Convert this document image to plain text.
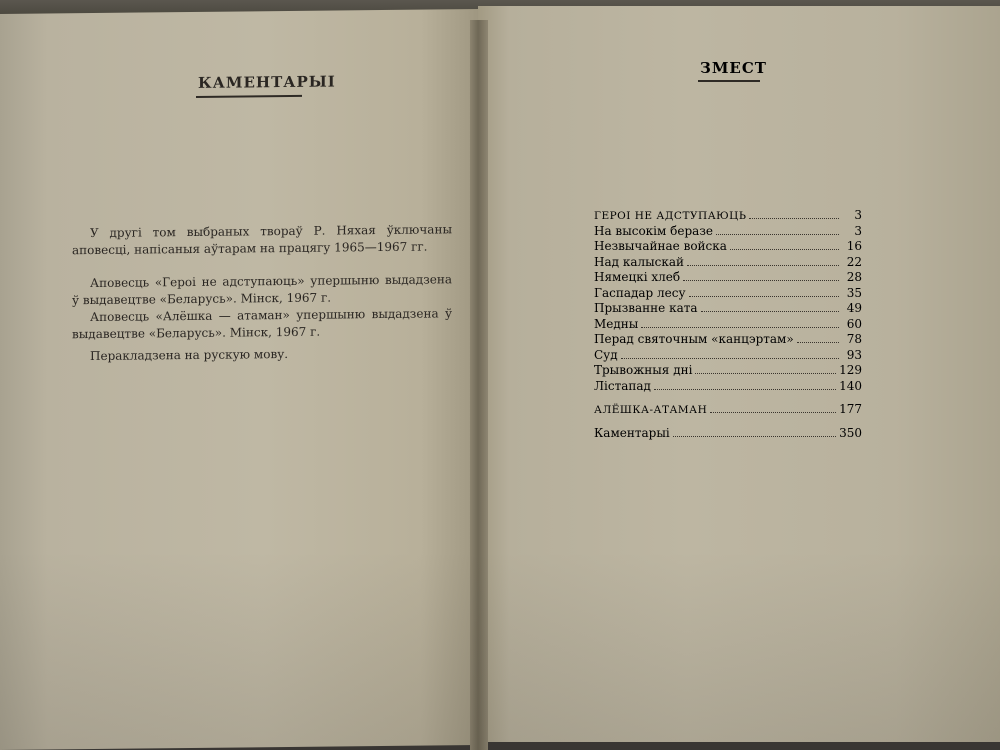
КАМЕНТАРЫІ
У другі том выбраных твораў Р. Няхая ўключаны аповесці, напісаныя аўтарам на працягу 1965—1967 гг.
Аповесць «Героі не адступаюць» упершыню выдадзена ў выдавецтве «Беларусь». Мінск, 1967 г.
Аповесць «Алёшка — атаман» упершыню выдадзена ў выдавецтве «Беларусь». Мінск, 1967 г.
Перакладзена на рускую мову.
ЗМЕСТ
ГЕРОІ НЕ АДСТУПАЮЦЬ	3
На высокім беразе	3
Незвычайнае войска	16
Над калыскай	22
Нямецкі хлеб	28
Гаспадар лесу	35
Прызванне ката	49
Медны	60
Перад святочным «канцэртам»	78
Суд	93
Трывожныя дні	129
Лістапад	140
АЛЁШКА-АТАМАН	177
Каментарыі	350
